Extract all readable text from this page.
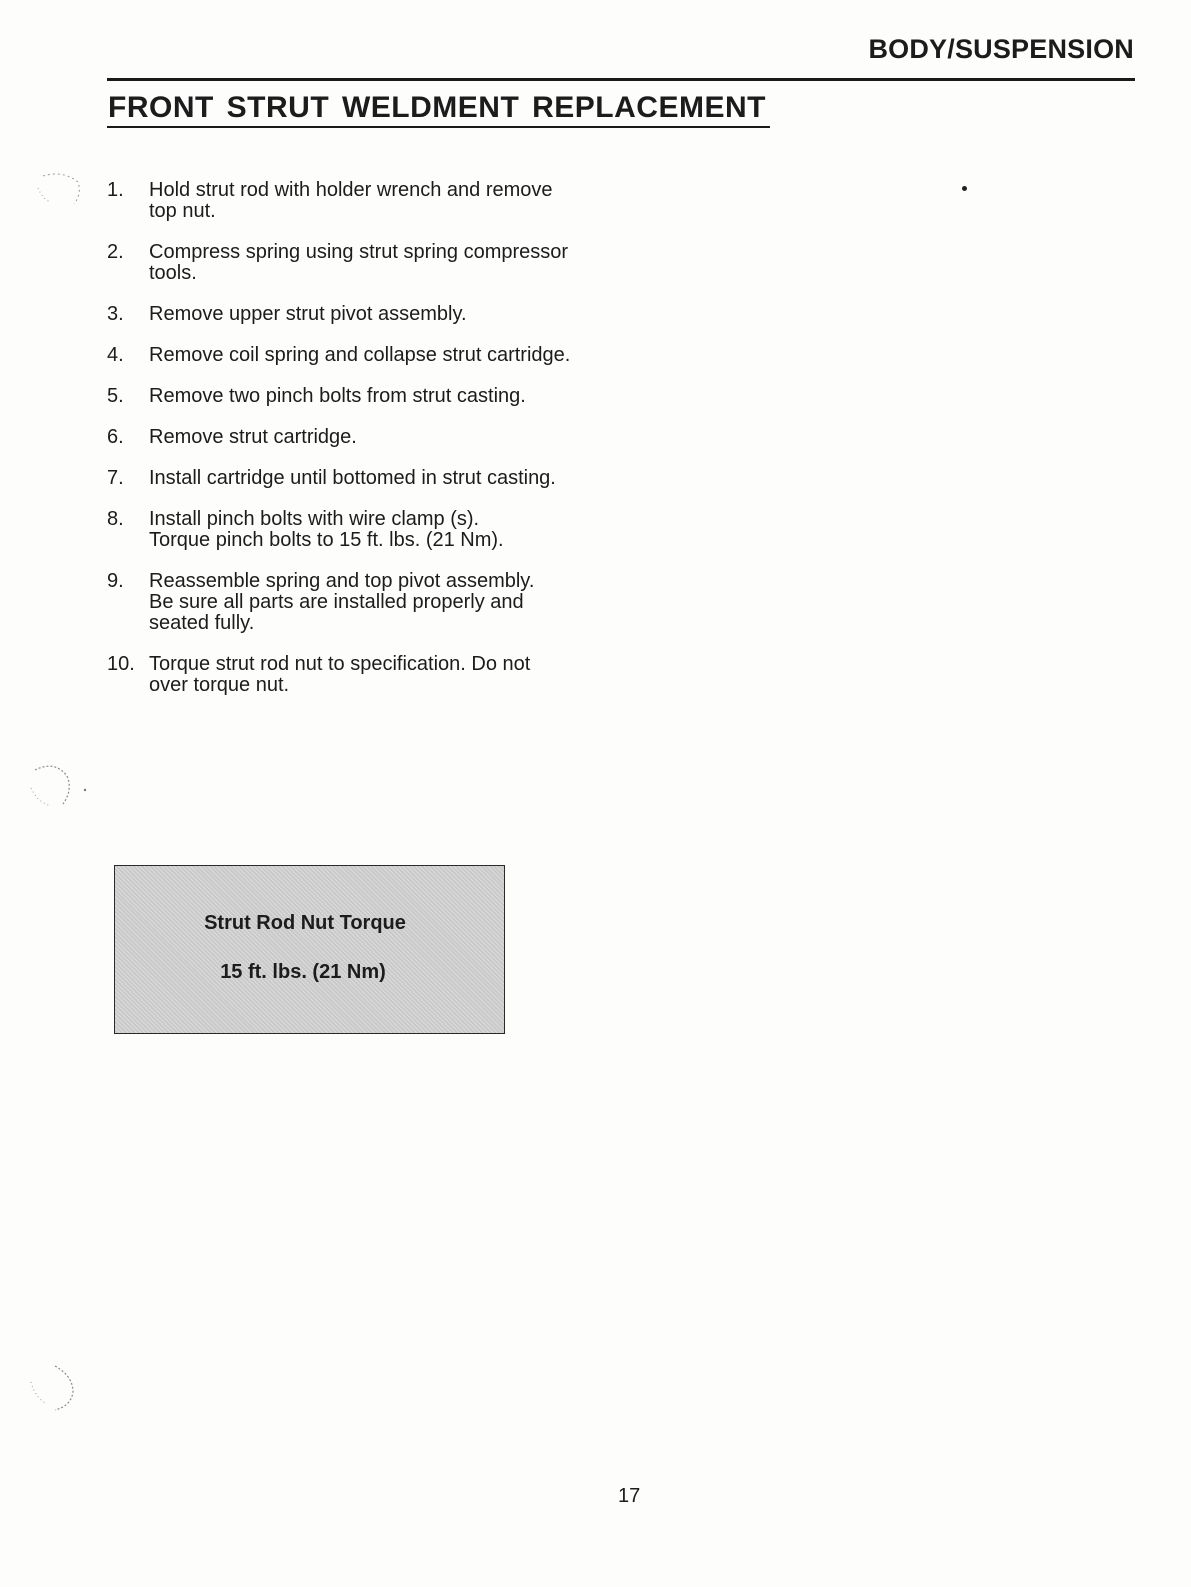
BODY/SUSPENSION
FRONT STRUT WELDMENT REPLACEMENT
1.	Hold strut rod with holder wrench and remove
top nut.
2.	Compress spring using strut spring compressor
tools.
3.	Remove upper strut pivot assembly.
4.	Remove coil spring and collapse strut cartridge.
5.	Remove two pinch bolts from strut casting.
6.	Remove strut cartridge.
7.	Install cartridge until bottomed in strut casting.
8.	Install pinch bolts with wire clamp (s).
Torque pinch bolts to 15 ft. lbs. (21 Nm).
9.	Reassemble spring and top pivot assembly.
Be sure all parts are installed properly and
seated fully.
10. Torque strut rod nut to specification. Do not
over torque nut.
Strut Rod Nut Torque
15 ft. lbs. (21 Nm)
17
